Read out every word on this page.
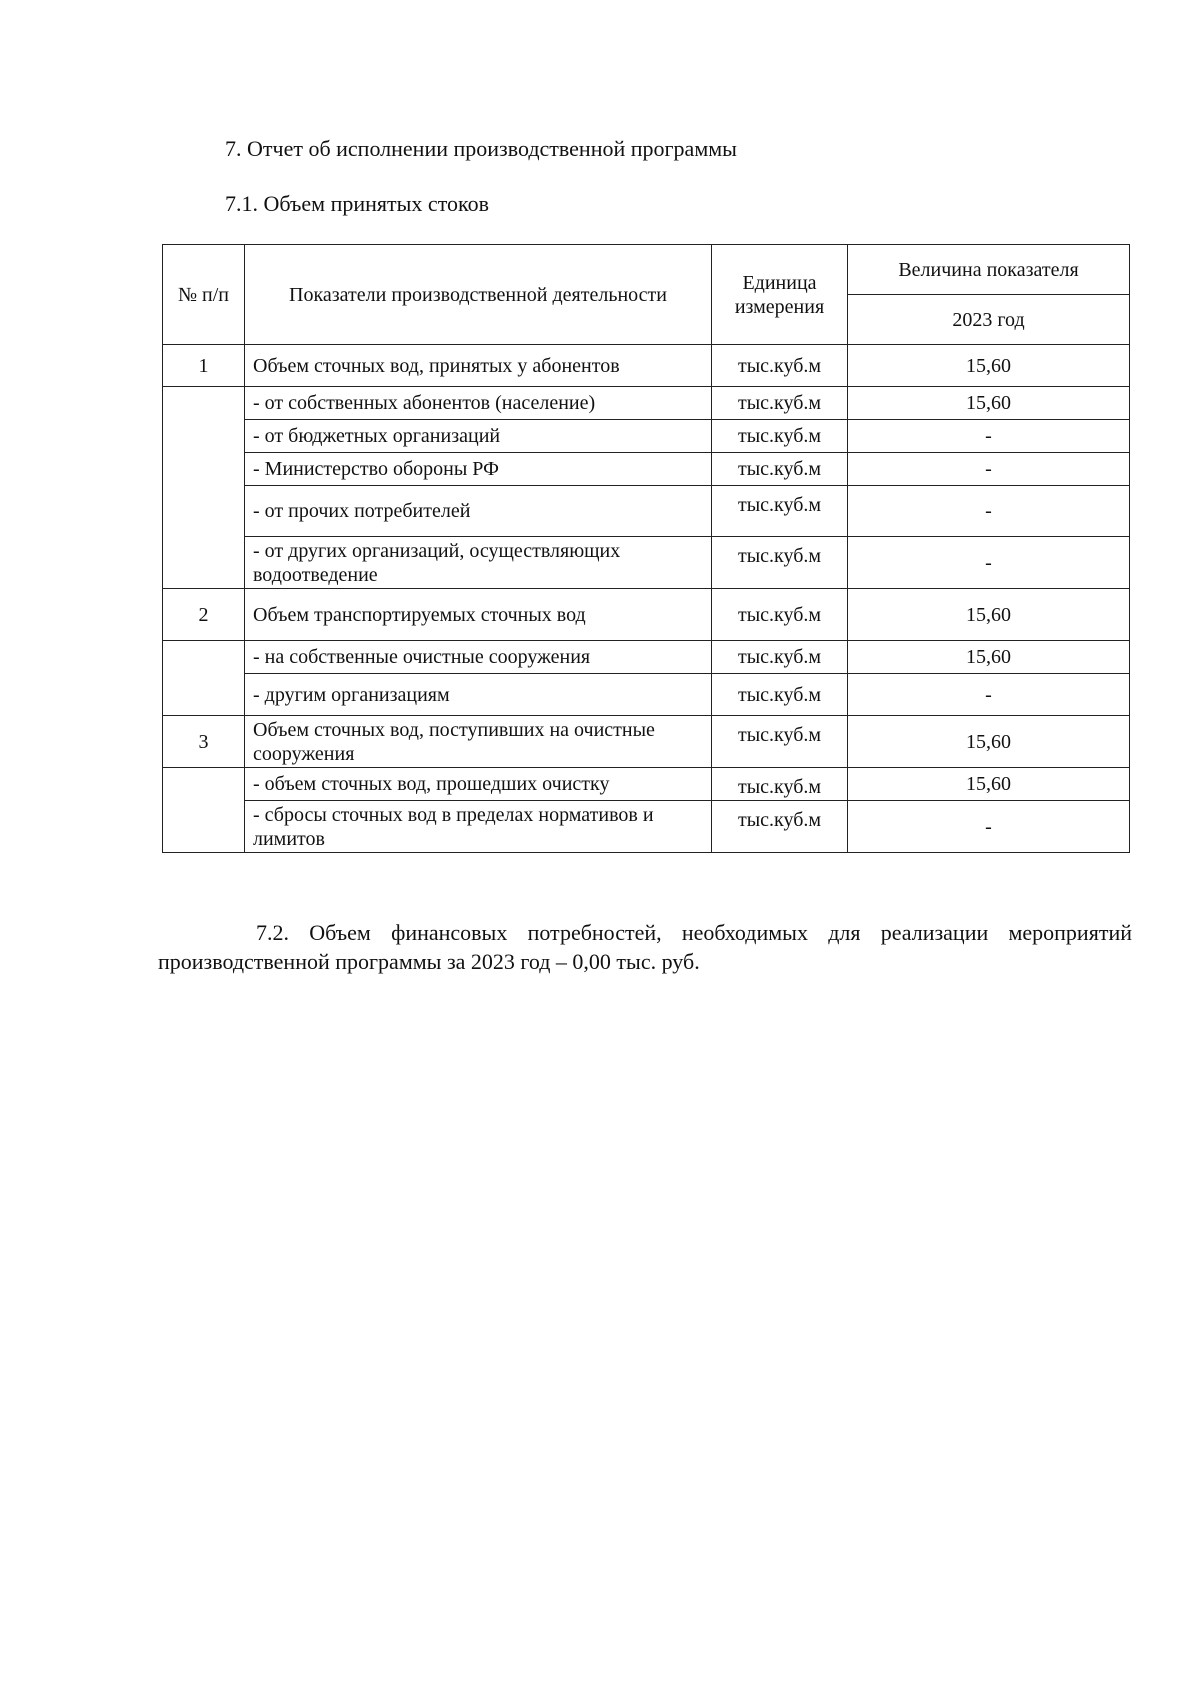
7. Отчет об исполнении производственной программы
7.1. Объем принятых стоков
№ п/п	Показатели производственной деятельности	Единица измерения	Величина показателя
			2023 год
1	Объем сточных вод, принятых у абонентов	тыс.куб.м	15,60
	- от собственных абонентов (население)	тыс.куб.м	15,60
	- от бюджетных организаций	тыс.куб.м	-
	- Министерство обороны РФ	тыс.куб.м	-
	- от прочих потребителей	тыс.куб.м	-
	- от других организаций, осуществляющих водоотведение	тыс.куб.м	-
2	Объем транспортируемых сточных вод	тыс.куб.м	15,60
	- на собственные очистные сооружения	тыс.куб.м	15,60
	- другим организациям	тыс.куб.м	-
3	Объем сточных вод, поступивших на очистные сооружения	тыс.куб.м	15,60
	- объем сточных вод, прошедших очистку	тыс.куб.м	15,60
	- сбросы сточных вод в пределах нормативов и лимитов	тыс.куб.м	-
7.2. Объем финансовых потребностей, необходимых для реализации мероприятий производственной программы за 2023 год – 0,00 тыс. руб.
